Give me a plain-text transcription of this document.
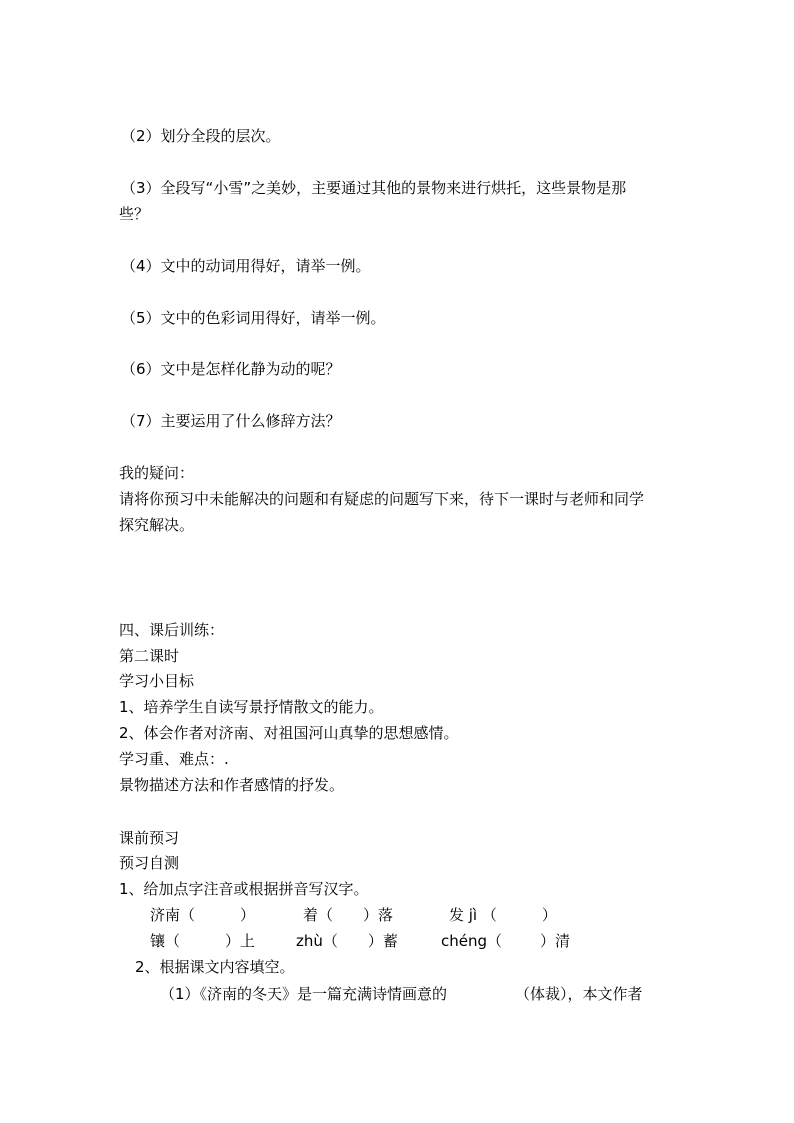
（2）划分全段的层次。
（3）全段写“小雪”之美妙，主要通过其他的景物来进行烘托，这些景物是那
些？
（4）文中的动词用得好，请举一例。
（5）文中的色彩词用得好，请举一例。
（6）文中是怎样化静为动的呢？
（7）主要运用了什么修辞方法？
我的疑问：
请将你预习中未能解决的问题和有疑虑的问题写下来，待下一课时与老师和同学
探究解决。
四、课后训练：
第二课时
学习小目标
1、培养学生自读写景抒情散文的能力。
2、体会作者对济南、对祖国河山真挚的思想感情。
学习重、难点：.
景物描述方法和作者感情的抒发。
课前预习
预习自测
1、给加点字注音或根据拼音写汉字。
济南（	）	着（ ）落	发 jì （	）
镶（	）上	zhù（ ）蓄	chéng（	）清
2、根据课文内容填空。
（1）《济南的冬天》是一篇充满诗情画意的	（体裁），本文作者
